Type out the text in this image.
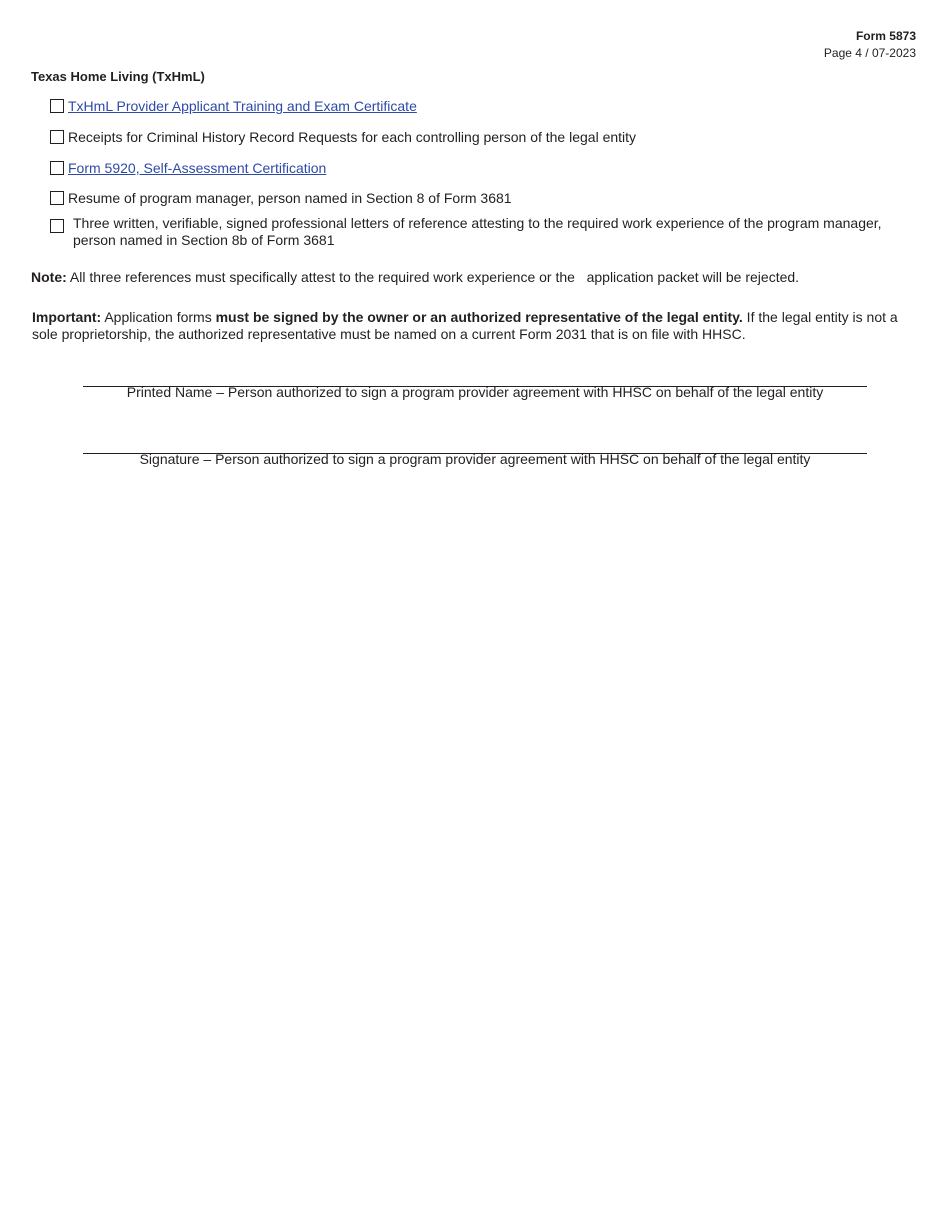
Form 5873
Page 4 / 07-2023
Texas Home Living (TxHmL)
TxHmL Provider Applicant Training and Exam Certificate
Receipts for Criminal History Record Requests for each controlling person of the legal entity
Form 5920, Self-Assessment Certification
Resume of program manager, person named in Section 8 of Form 3681
Three written, verifiable, signed professional letters of reference attesting to the required work experience of the program manager, person named in Section 8b of Form 3681
Note: All three references must specifically attest to the required work experience or the   application packet will be rejected.
Important: Application forms must be signed by the owner or an authorized representative of the legal entity. If the legal entity is not a sole proprietorship, the authorized representative must be named on a current Form 2031 that is on file with HHSC.
Printed Name – Person authorized to sign a program provider agreement with HHSC on behalf of the legal entity
Signature – Person authorized to sign a program provider agreement with HHSC on behalf of the legal entity
